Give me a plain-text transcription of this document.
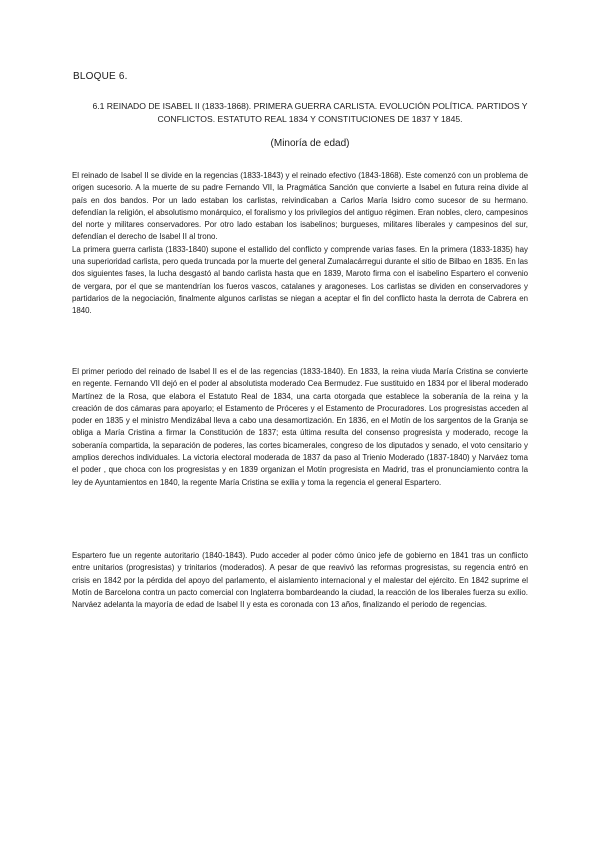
BLOQUE 6.
6.1 REINADO DE ISABEL II (1833-1868). PRIMERA GUERRA CARLISTA. EVOLUCIÓN POLÍTICA. PARTIDOS Y CONFLICTOS. ESTATUTO REAL 1834 Y CONSTITUCIONES DE 1837 Y 1845.
(Minoría de edad)

El reinado de Isabel II se divide en la regencias (1833-1843) y el reinado efectivo (1843-1868). Este comenzó con un problema de origen sucesorio. A la muerte de su padre Fernando VII, la Pragmática Sanción que convierte a Isabel en futura reina divide al país en dos bandos. Por un lado estaban los carlistas, reivindicaban a Carlos María Isidro como sucesor de su hermano. defendían la religión, el absolutismo monárquico, el foralismo y los privilegios del antiguo régimen. Eran nobles, clero, campesinos del norte y militares conservadores. Por otro lado estaban los isabelinos; burgueses, militares liberales y campesinos del sur, defendían el derecho de Isabel II al trono.

La primera guerra carlista (1833-1840) supone el estallido del conflicto y comprende varias fases. En la primera (1833-1835) hay una superioridad carlista, pero queda truncada por la muerte del general Zumalacárregui durante el sitio de Bilbao en 1835. En las dos siguientes fases, la lucha desgastó al bando carlista hasta que en 1839, Maroto firma con el isabelino Espartero el convenio de vergara, por el que se mantendrían los fueros vascos, catalanes y aragoneses. Los carlistas se dividen en conservadores y partidarios de la negociación, finalmente algunos carlistas se niegan a aceptar el fin del conflicto hasta la derrota de Cabrera en 1840.

El primer periodo del reinado de Isabel II es el de las regencias (1833-1840). En 1833, la reina viuda María Cristina se convierte en regente. Fernando VII dejó en el poder al absolutista moderado Cea Bermudez. Fue sustituido en 1834 por el liberal moderado Martínez de la Rosa, que elabora el Estatuto Real de 1834, una carta otorgada que establece la soberanía de la reina y la creación de dos cámaras para apoyarlo; el Estamento de Próceres y el Estamento de Procuradores. Los progresistas acceden al poder en 1835 y el ministro Mendizábal lleva a cabo una desamortización. En 1836, en el Motín de los sargentos de la Granja se obliga a María Cristina a firmar la Constitución de 1837; esta última resulta del consenso progresista y moderado, recoge la soberanía compartida, la separación de poderes, las cortes bicamerales, congreso de los diputados y senado, el voto censitario y amplios derechos individuales. La victoria electoral moderada de 1837 da paso al Trienio Moderado (1837-1840) y Narváez toma el poder , que choca con los progresistas y en 1839 organizan el Motín progresista en Madrid, tras el pronunciamiento contra la ley de Ayuntamientos en 1840, la regente María Cristina se exilia y toma la regencia el general Espartero.

Espartero fue un regente autoritario (1840-1843). Pudo acceder al poder cómo único jefe de gobierno en 1841 tras un conflicto entre unitarios (progresistas) y trinitarios (moderados). A pesar de que reavivó las reformas progresistas, su regencia entró en crisis en 1842 por la pérdida del apoyo del parlamento, el aislamiento internacional y el malestar del ejército. En 1842 suprime el Motín de Barcelona contra un pacto comercial con Inglaterra bombardeando la ciudad, la reacción de los liberales fuerza su exilio. Narváez adelanta la mayoría de edad de Isabel II y esta es coronada con 13 años, finalizando el periodo de regencias.
